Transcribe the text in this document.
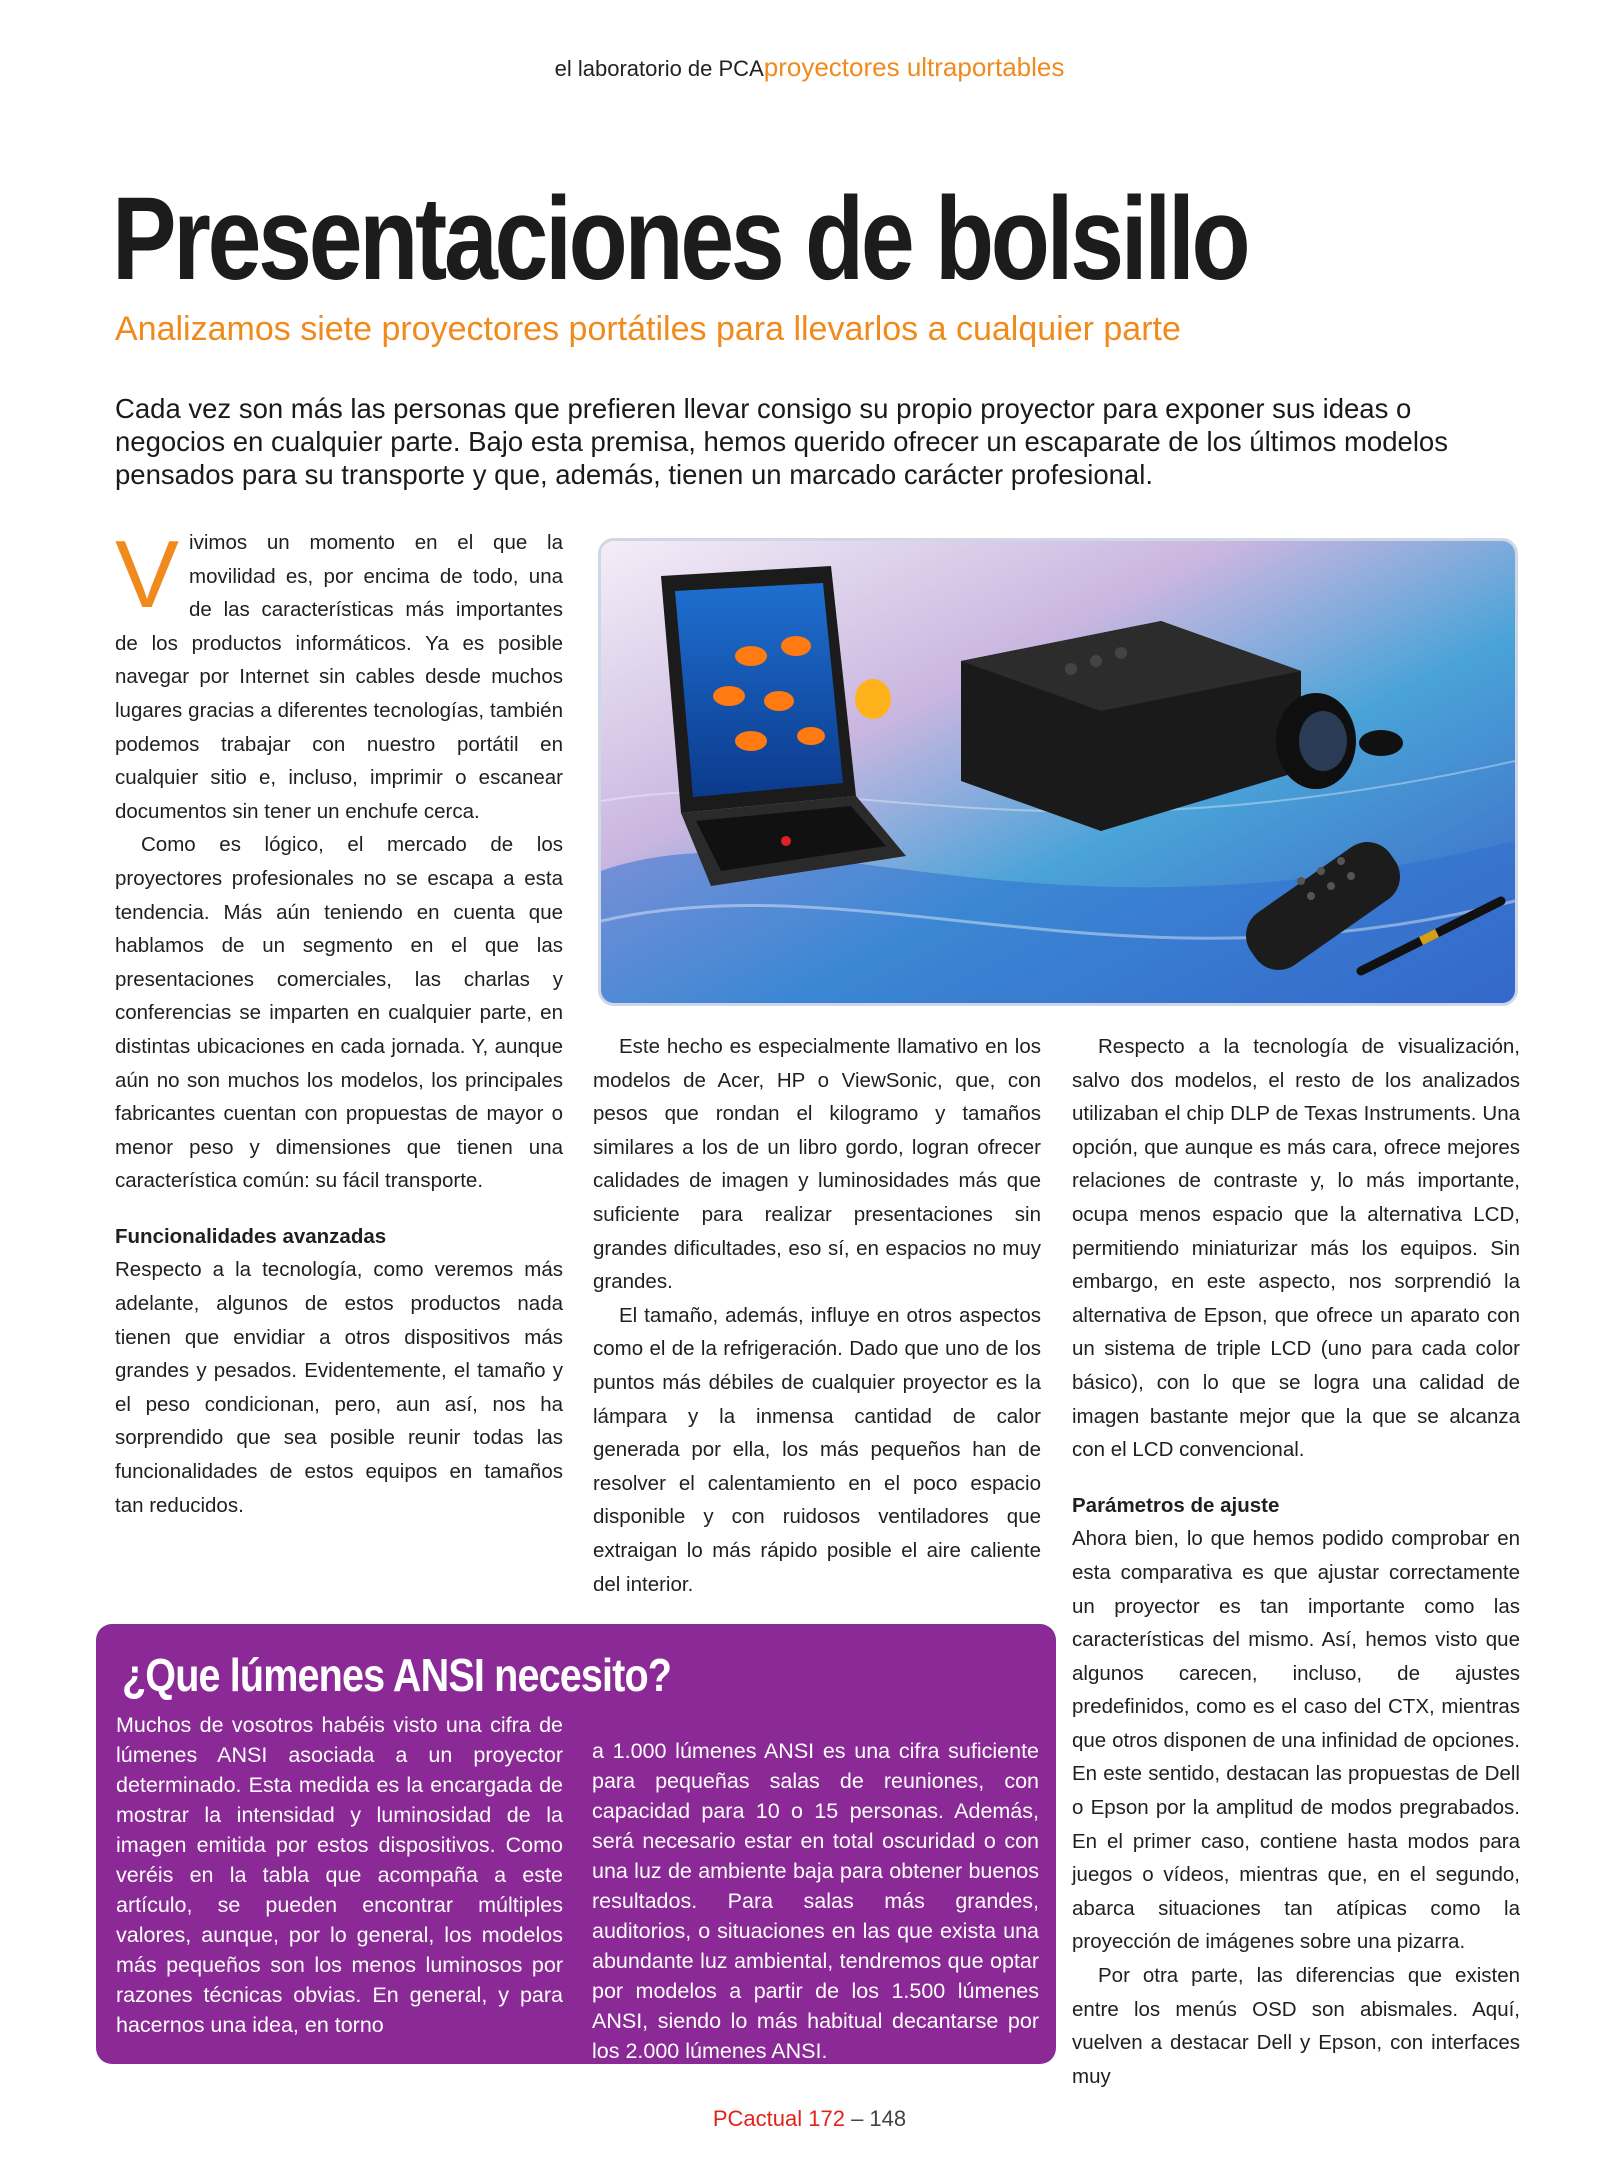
el laboratorio de PCAproyectores ultraportables
Presentaciones de bolsillo
Analizamos siete proyectores portátiles para llevarlos a cualquier parte
Cada vez son más las personas que prefieren llevar consigo su propio proyector para exponer sus ideas o negocios en cualquier parte. Bajo esta premisa, hemos querido ofrecer un escaparate de los últimos modelos pensados para su transporte y que, además, tienen un marcado carácter profesional.

Vivimos un momento en el que la movilidad es, por encima de todo, una de las características más importantes de los productos informáticos. Ya es posible navegar por Internet sin cables desde muchos lugares gracias a diferentes tecnologías, también podemos trabajar con nuestro portátil en cualquier sitio e, incluso, imprimir o escanear documentos sin tener un enchufe cerca.

Como es lógico, el mercado de los proyectores profesionales no se escapa a esta tendencia. Más aún teniendo en cuenta que hablamos de un segmento en el que las presentaciones comerciales, las charlas y conferencias se imparten en cualquier parte, en distintas ubicaciones en cada jornada. Y, aunque aún no son muchos los modelos, los principales fabricantes cuentan con propuestas de mayor o menor peso y dimensiones que tienen una característica común: su fácil transporte.

Funcionalidades avanzadas

Respecto a la tecnología, como veremos más adelante, algunos de estos productos nada tienen que envidiar a otros dispositivos más grandes y pesados. Evidentemente, el tamaño y el peso condicionan, pero, aun así, nos ha sorprendido que sea posible reunir todas las funcionalidades de estos equipos en tamaños tan reducidos.

Este hecho es especialmente llamativo en los modelos de Acer, HP o ViewSonic, que, con pesos que rondan el kilogramo y tamaños similares a los de un libro gordo, logran ofrecer calidades de imagen y luminosidades más que suficiente para realizar presentaciones sin grandes dificultades, eso sí, en espacios no muy grandes.

El tamaño, además, influye en otros aspectos como el de la refrigeración. Dado que uno de los puntos más débiles de cualquier proyector es la lámpara y la inmensa cantidad de calor generada por ella, los más pequeños han de resolver el calentamiento en el poco espacio disponible y con ruidosos ventiladores que extraigan lo más rápido posible el aire caliente del interior.

Respecto a la tecnología de visualización, salvo dos modelos, el resto de los analizados utilizaban el chip DLP de Texas Instruments. Una opción, que aunque es más cara, ofrece mejores relaciones de contraste y, lo más importante, ocupa menos espacio que la alternativa LCD, permitiendo miniaturizar más los equipos. Sin embargo, en este aspecto, nos sorprendió la alternativa de Epson, que ofrece un aparato con un sistema de triple LCD (uno para cada color básico), con lo que se logra una calidad de imagen bastante mejor que la que se alcanza con el LCD convencional.

Parámetros de ajuste

Ahora bien, lo que hemos podido comprobar en esta comparativa es que ajustar correctamente un proyector es tan importante como las características del mismo. Así, hemos visto que algunos carecen, incluso, de ajustes predefinidos, como es el caso del CTX, mientras que otros disponen de una infinidad de opciones. En este sentido, destacan las propuestas de Dell o Epson por la amplitud de modos pregrabados. En el primer caso, contiene hasta modos para juegos o vídeos, mientras que, en el segundo, abarca situaciones tan atípicas como la proyección de imágenes sobre una pizarra.

Por otra parte, las diferencias que existen entre los menús OSD son abismales. Aquí, vuelven a destacar Dell y Epson, con interfaces muy

¿Que lúmenes ANSI necesito?
Muchos de vosotros habéis visto una cifra de lúmenes ANSI asociada a un proyector determinado. Esta medida es la encargada de mostrar la intensidad y luminosidad de la imagen emitida por estos dispositivos. Como veréis en la tabla que acompaña a este artículo, se pueden encontrar múltiples valores, aunque, por lo general, los modelos más pequeños son los menos luminosos por razones técnicas obvias. En general, y para hacernos una idea, en torno
a 1.000 lúmenes ANSI es una cifra suficiente para pequeñas salas de reuniones, con capacidad para 10 o 15 personas. Además, será necesario estar en total oscuridad o con una luz de ambiente baja para obtener buenos resultados. Para salas más grandes, auditorios, o situaciones en las que exista una abundante luz ambiental, tendremos que optar por modelos a partir de los 1.500 lúmenes ANSI, siendo lo más habitual decantarse por los 2.000 lúmenes ANSI.
PCactual 172 – 148
